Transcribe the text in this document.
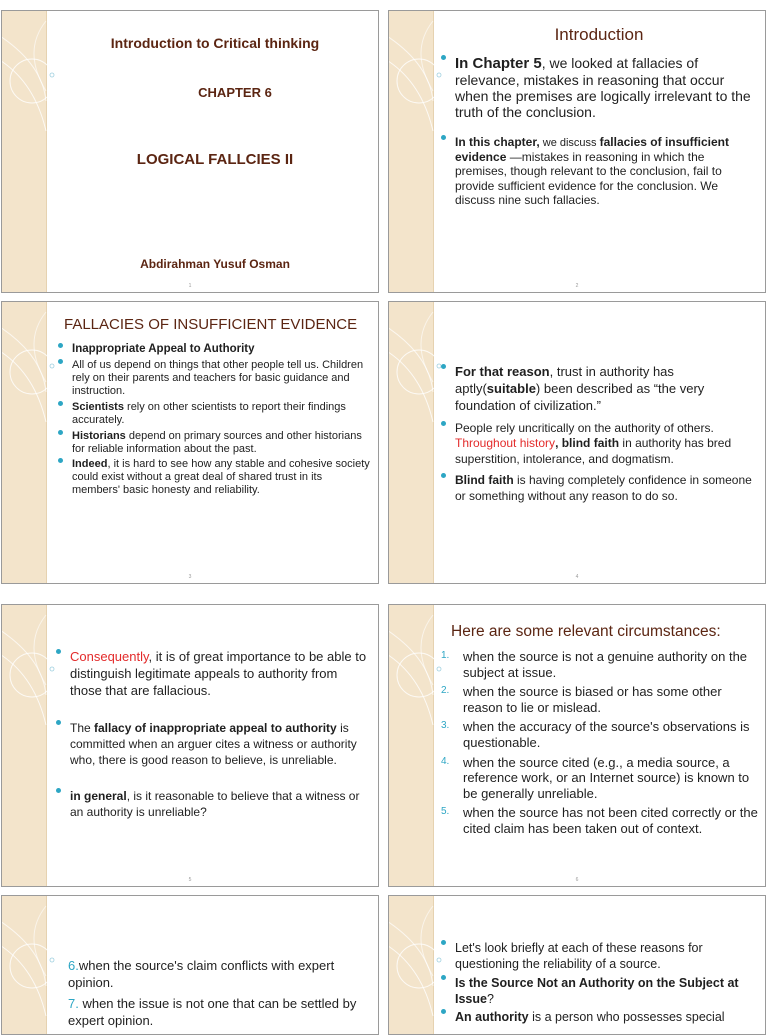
Introduction to Critical thinking
CHAPTER 6
LOGICAL FALLCIES II
Abdirahman Yusuf Osman
1
Introduction
In Chapter 5, we looked at fallacies of relevance, mistakes in reasoning that occur when the premises are logically irrelevant to the truth of the conclusion.
In this chapter, we discuss fallacies of insufficient evidence —mistakes in reasoning in which the premises, though relevant to the conclusion, fail to provide sufficient evidence for the conclusion. We discuss nine such fallacies.
2
FALLACIES OF INSUFFICIENT EVIDENCE
Inappropriate Appeal to Authority
All of us depend on things that other people tell us. Children rely on their parents and teachers for basic guidance and instruction.
Scientists rely on other scientists to report their findings accurately.
Historians depend on primary sources and other historians for reliable information about the past.
Indeed, it is hard to see how any stable and cohesive society could exist without a great deal of shared trust in its members' basic honesty and reliability.
3
For that reason, trust in authority has aptly(suitable) been described as “the very foundation of civilization.”
People rely uncritically on the authority of others. Throughout history, blind faith in authority has bred superstition, intolerance, and dogmatism.
Blind faith is having completely confidence in someone or something without any reason to do so.
4
Consequently, it is of great importance to be able to distinguish legitimate appeals to authority from those that are fallacious.
The fallacy of inappropriate appeal to authority is committed when an arguer cites a witness or authority who, there is good reason to believe, is unreliable.
in general, is it reasonable to believe that a witness or an authority is unreliable?
5
Here are some relevant circumstances:
1. when the source is not a genuine authority on the subject at issue.
2. when the source is biased or has some other reason to lie or mislead.
3. when the accuracy of the source's observations is questionable.
4. when the source cited (e.g., a media source, a reference work, or an Internet source) is known to be generally unreliable.
5. when the source has not been cited correctly or the cited claim has been taken out of context.
6
6.when the source's claim conflicts with expert opinion.
7. when the issue is not one that can be settled by expert opinion.
Let's look briefly at each of these reasons for questioning the reliability of a source.
Is the Source Not an Authority on the Subject at Issue?
An authority is a person who possesses special
